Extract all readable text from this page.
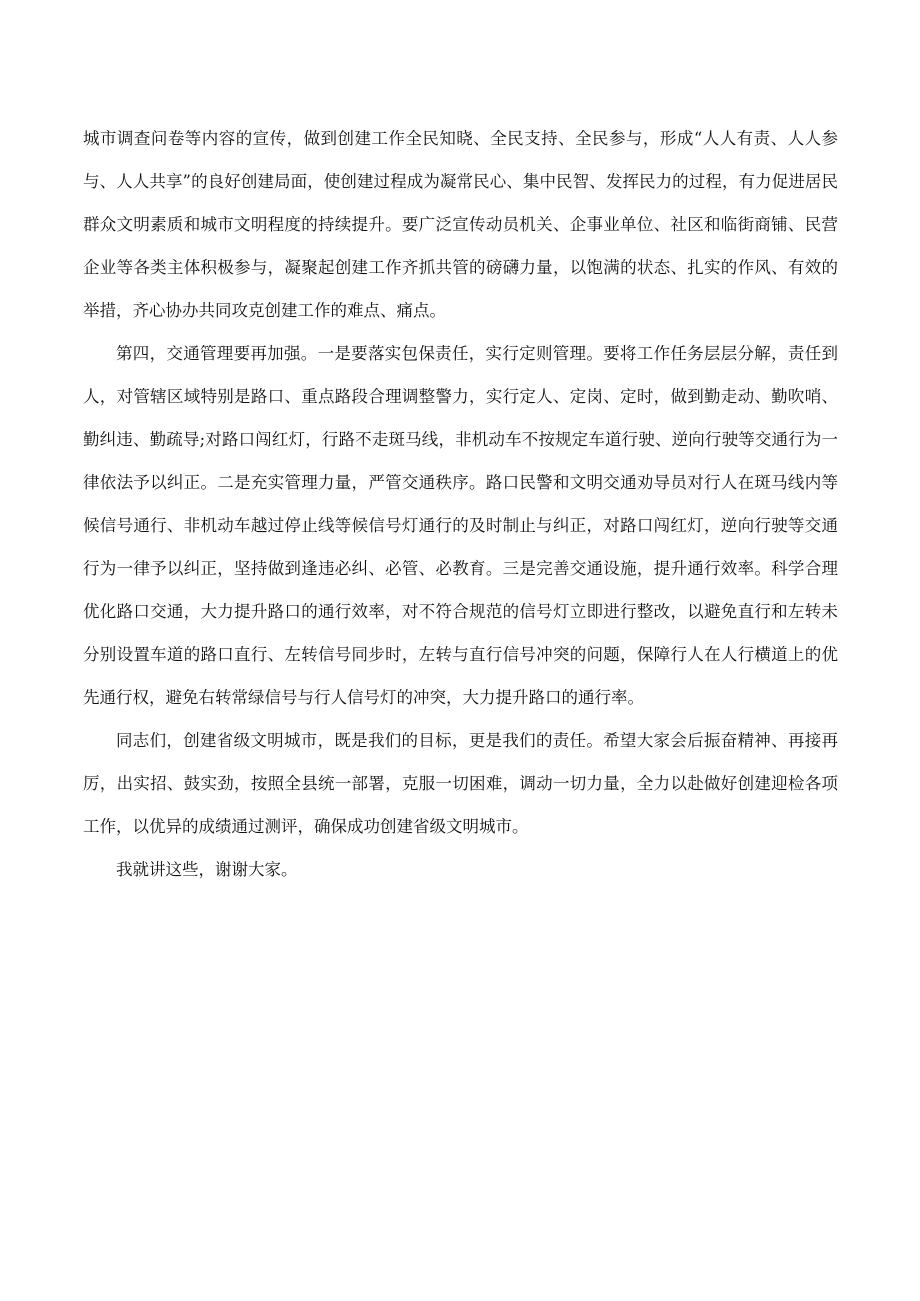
城市调查问卷等内容的宣传，做到创建工作全民知晓、全民支持、全民参与，形成“人人有责、人人参与、人人共享”的良好创建局面，使创建过程成为凝常民心、集中民智、发挥民力的过程，有力促进居民群众文明素质和城市文明程度的持续提升。要广泛宣传动员机关、企事业单位、社区和临街商铺、民营企业等各类主体积极参与，凝聚起创建工作齐抓共管的磅礴力量，以饱满的状态、扎实的作风、有效的举措，齐心协办共同攻克创建工作的难点、痛点。

第四，交通管理要再加强。一是要落实包保责任，实行定则管理。要将工作任务层层分解，责任到人，对管辖区域特别是路口、重点路段合理调整警力，实行定人、定岗、定时，做到勤走动、勤吹哨、勤纠违、勤疏导;对路口闯红灯，行路不走斑马线，非机动车不按规定车道行驶、逆向行驶等交通行为一律依法予以纠正。二是充实管理力量，严管交通秩序。路口民警和文明交通劝导员对行人在斑马线内等候信号通行、非机动车越过停止线等候信号灯通行的及时制止与纠正，对路口闯红灯，逆向行驶等交通行为一律予以纠正，坚持做到逢违必纠、必管、必教育。三是完善交通设施，提升通行效率。科学合理优化路口交通，大力提升路口的通行效率，对不符合规范的信号灯立即进行整改，以避免直行和左转未分别设置车道的路口直行、左转信号同步时，左转与直行信号冲突的问题，保障行人在人行横道上的优先通行权，避免右转常绿信号与行人信号灯的冲突，大力提升路口的通行率。

同志们，创建省级文明城市，既是我们的目标，更是我们的责任。希望大家会后振奋精神、再接再厉，出实招、鼓实劲，按照全县统一部署，克服一切困难，调动一切力量，全力以赴做好创建迎检各项工作，以优异的成绩通过测评，确保成功创建省级文明城市。

我就讲这些，谢谢大家。
